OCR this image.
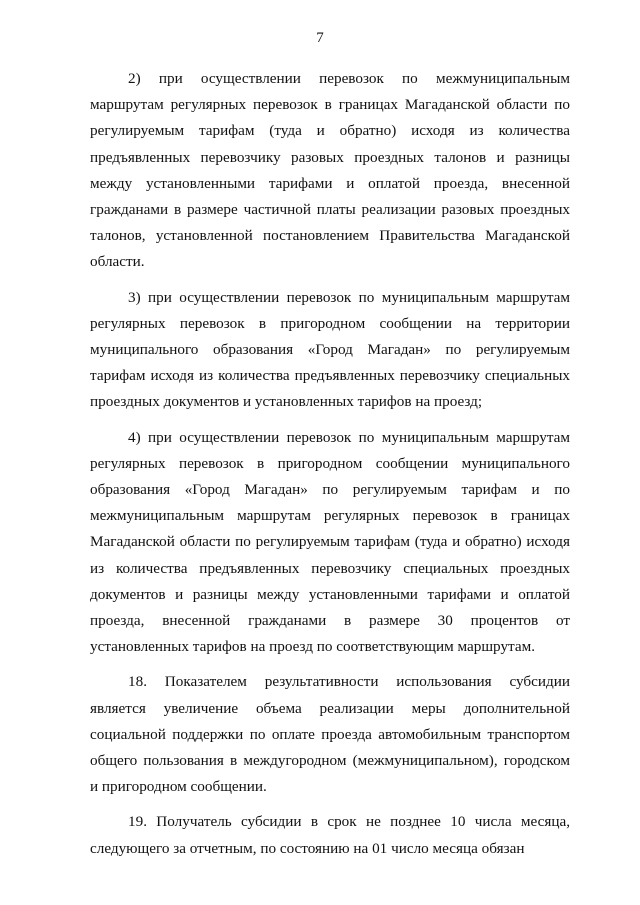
7

2) при осуществлении перевозок по межмуниципальным маршрутам регулярных перевозок в границах Магаданской области по регулируемым тарифам (туда и обратно) исходя из количества предъявленных перевозчику разовых проездных талонов и разницы между установленными тарифами и оплатой проезда, внесенной гражданами в размере частичной платы реализации разовых проездных талонов, установленной постановлением Правительства Магаданской области.

3) при осуществлении перевозок по муниципальным маршрутам регулярных перевозок в пригородном сообщении на территории муниципального образования «Город Магадан» по регулируемым тарифам исходя из количества предъявленных перевозчику специальных проездных документов и установленных тарифов на проезд;

4) при осуществлении перевозок по муниципальным маршрутам регулярных перевозок в пригородном сообщении муниципального образования «Город Магадан» по регулируемым тарифам и по межмуниципальным маршрутам регулярных перевозок в границах Магаданской области по регулируемым тарифам (туда и обратно) исходя из количества предъявленных перевозчику специальных проездных документов и разницы между установленными тарифами и оплатой проезда, внесенной гражданами в размере 30 процентов от установленных тарифов на проезд по соответствующим маршрутам.

18. Показателем результативности использования субсидии является увеличение объема реализации меры дополнительной социальной поддержки по оплате проезда автомобильным транспортом общего пользования в междугородном (межмуниципальном), городском и пригородном сообщении.

19. Получатель субсидии в срок не позднее 10 числа месяца, следующего за отчетным, по состоянию на 01 число месяца обязан
